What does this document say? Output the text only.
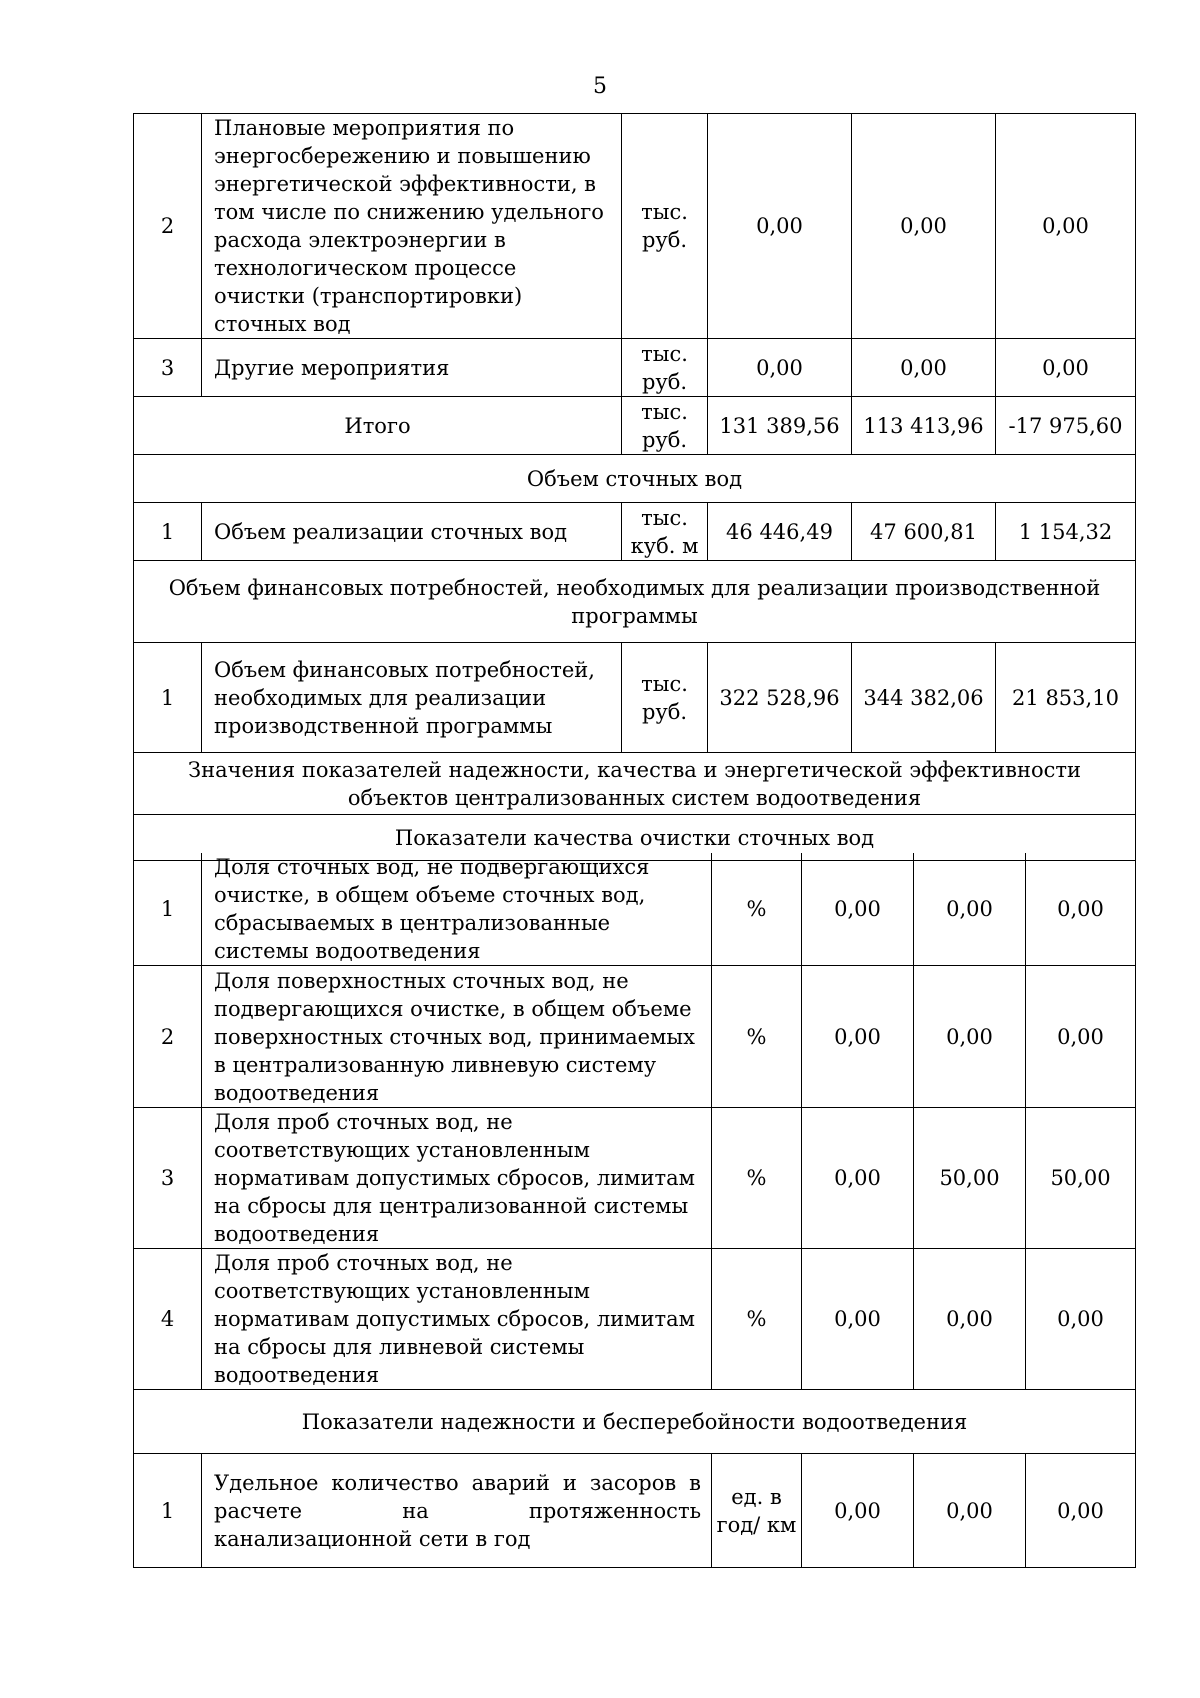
5
2	Плановые мероприятия по энергосбережению и повышению энергетической эффективности, в том числе по снижению удельного расхода электроэнергии в технологическом процессе очистки (транспортировки) сточных вод	тыс. руб.	0,00	0,00	0,00
3	Другие мероприятия	тыс. руб.	0,00	0,00	0,00
Итого		тыс. руб.	131 389,56	113 413,96	-17 975,60
Объем сточных вод					
1	Объем реализации сточных вод	тыс. куб. м	46 446,49	47 600,81	1 154,32
Объем финансовых потребностей, необходимых для реализации производственной программы					
1	Объем финансовых потребностей, необходимых для реализации производственной программы	тыс. руб.	322 528,96	344 382,06	21 853,10
Значения показателей надежности, качества и энергетической эффективности объектов централизованных систем водоотведения					
Показатели качества очистки сточных вод					
1	Доля сточных вод, не подвергающихся очистке, в общем объеме сточных вод, сбрасываемых в централизованные системы водоотведения	%	0,00	0,00	0,00
2	Доля поверхностных сточных вод, не подвергающихся очистке, в общем объеме поверхностных сточных вод, принимаемых в централизованную ливневую систему водоотведения	%	0,00	0,00	0,00
3	Доля проб сточных вод, не соответствующих установленным нормативам допустимых сбросов, лимитам на сбросы для централизованной системы водоотведения	%	0,00	50,00	50,00
4	Доля проб сточных вод, не соответствующих установленным нормативам допустимых сбросов, лимитам на сбросы для ливневой системы водоотведения	%	0,00	0,00	0,00
Показатели надежности и бесперебойности водоотведения					
1	Удельное количество аварий и засоров в расчете на протяженность канализационной сети в год	ед. в год/ км	0,00	0,00	0,00
